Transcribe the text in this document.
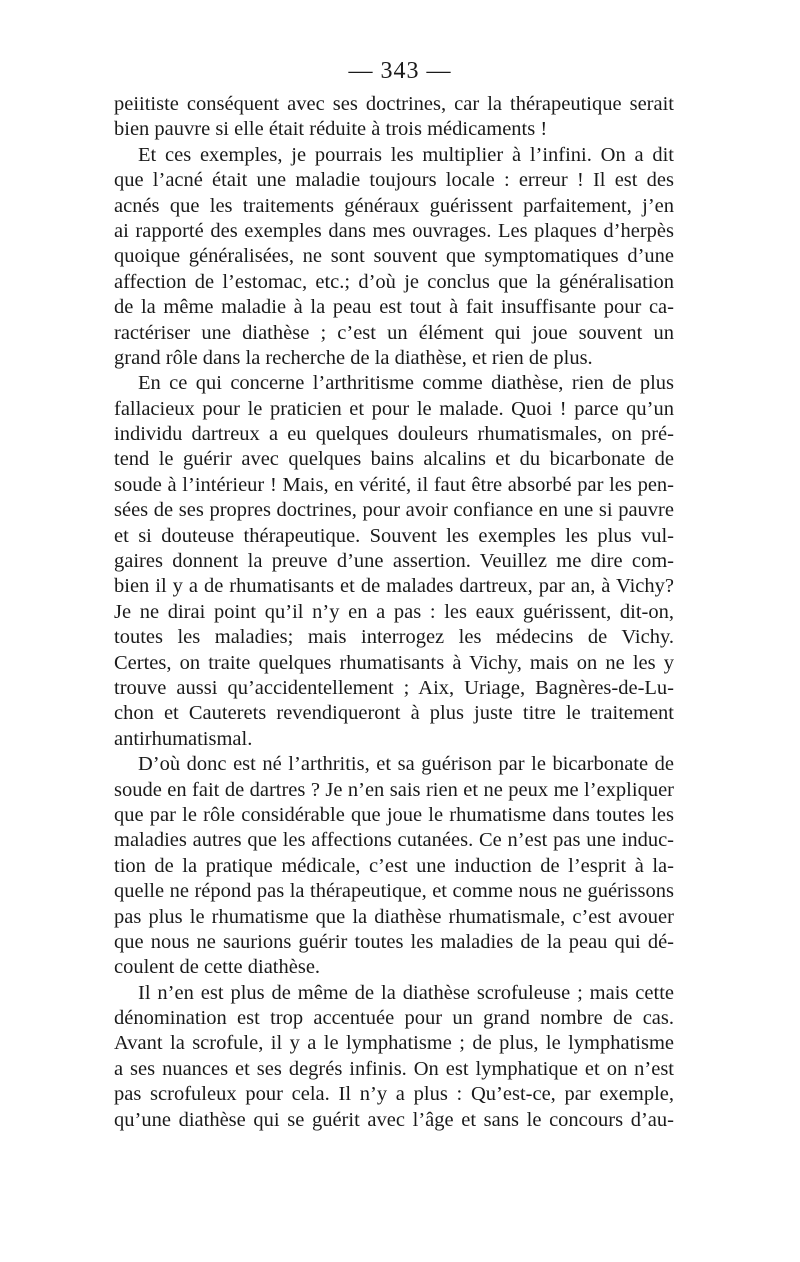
— 343 —
peiitiste conséquent avec ses doctrines, car la thérapeutique serait
bien pauvre si elle était réduite à trois médicaments !
Et ces exemples, je pourrais les multiplier à l’infini. On a dit
que l’acné était une maladie toujours locale : erreur ! Il est des
acnés que les traitements généraux guérissent parfaitement, j’en
ai rapporté des exemples dans mes ouvrages. Les plaques d’herpès
quoique généralisées, ne sont souvent que symptomatiques d’une
affection de l’estomac, etc.; d’où je conclus que la généralisation
de la même maladie à la peau est tout à fait insuffisante pour ca-
ractériser une diathèse ; c’est un élément qui joue souvent un
grand rôle dans la recherche de la diathèse, et rien de plus.
En ce qui concerne l’arthritisme comme diathèse, rien de plus
fallacieux pour le praticien et pour le malade. Quoi ! parce qu’un
individu dartreux a eu quelques douleurs rhumatismales, on pré-
tend le guérir avec quelques bains alcalins et du bicarbonate de
soude à l’intérieur ! Mais, en vérité, il faut être absorbé par les pen-
sées de ses propres doctrines, pour avoir confiance en une si pauvre
et si douteuse thérapeutique. Souvent les exemples les plus vul-
gaires donnent la preuve d’une assertion. Veuillez me dire com-
bien il y a de rhumatisants et de malades dartreux, par an, à Vichy?
Je ne dirai point qu’il n’y en a pas : les eaux guérissent, dit-on,
toutes les maladies; mais interrogez les médecins de Vichy.
Certes, on traite quelques rhumatisants à Vichy, mais on ne les y
trouve aussi qu’accidentellement ; Aix, Uriage, Bagnères-de-Lu-
chon et Cauterets revendiqueront à plus juste titre le traitement
antirhumatismal.
D’où donc est né l’arthritis, et sa guérison par le bicarbonate de
soude en fait de dartres ? Je n’en sais rien et ne peux me l’expliquer
que par le rôle considérable que joue le rhumatisme dans toutes les
maladies autres que les affections cutanées. Ce n’est pas une induc-
tion de la pratique médicale, c’est une induction de l’esprit à la-
quelle ne répond pas la thérapeutique, et comme nous ne guérissons
pas plus le rhumatisme que la diathèse rhumatismale, c’est avouer
que nous ne saurions guérir toutes les maladies de la peau qui dé-
coulent de cette diathèse.
Il n’en est plus de même de la diathèse scrofuleuse ; mais cette
dénomination est trop accentuée pour un grand nombre de cas.
Avant la scrofule, il y a le lymphatisme ; de plus, le lymphatisme
a ses nuances et ses degrés infinis. On est lymphatique et on n’est
pas scrofuleux pour cela. Il n’y a plus : Qu’est-ce, par exemple,
qu’une diathèse qui se guérit avec l’âge et sans le concours d’au-
